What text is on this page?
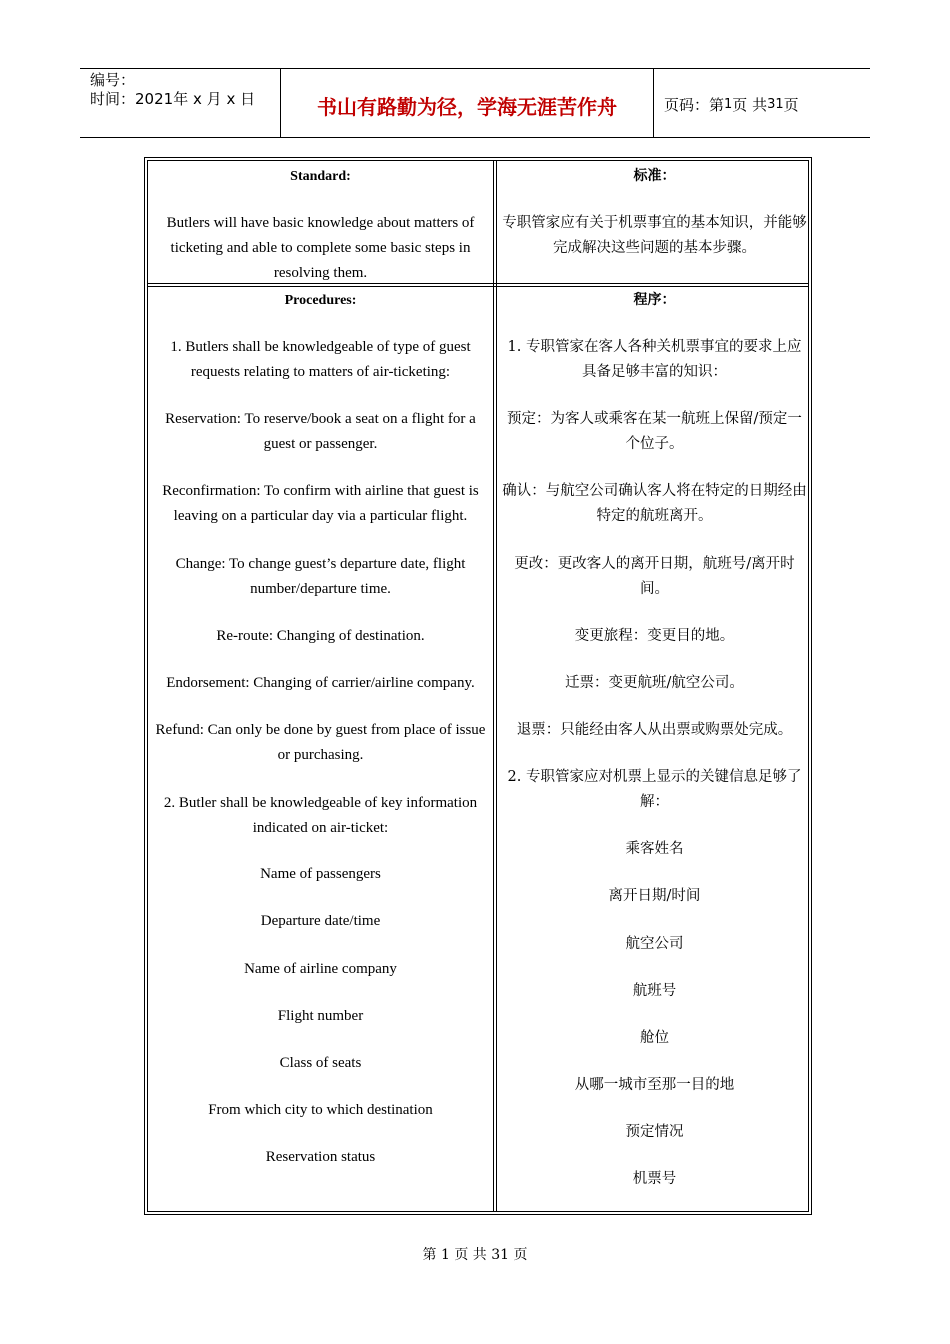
编号：
时间：2021年 x 月 x 日	书山有路勤为径，学海无涯苦作舟	页码：第 1 页 共 31 页
Standard:
Butlers will have basic knowledge about matters of ticketing and able to complete some basic steps in resolving them.
标准：
专职管家应有关于机票事宜的基本知识，并能够完成解决这些问题的基本步骤。
Procedures:
1. Butlers shall be knowledgeable of type of guest requests relating to matters of air-ticketing:
Reservation: To reserve/book a seat on a flight for a guest or passenger.
Reconfirmation: To confirm with airline that guest is leaving on a particular day via a particular flight.
Change: To change guest’s departure date, flight number/departure time.
Re-route: Changing of destination.
Endorsement: Changing of carrier/airline company.
Refund: Can only be done by guest from place of issue or purchasing.
2. Butler shall be knowledgeable of key information indicated on air-ticket:
Name of passengers
Departure date/time
Name of airline company
Flight number
Class of seats
From which city to which destination
Reservation status
程序：
1. 专职管家在客人各种关机票事宜的要求上应具备足够丰富的知识：
预定：为客人或乘客在某一航班上保留/预定一个位子。
确认：与航空公司确认客人将在特定的日期经由特定的航班离开。
更改：更改客人的离开日期，航班号/离开时间。
变更旅程：变更目的地。
迁票：变更航班/航空公司。
退票：只能经由客人从出票或购票处完成。
2. 专职管家应对机票上显示的关键信息足够了解：
乘客姓名
离开日期/时间
航空公司
航班号
舱位
从哪一城市至那一目的地
预定情况
机票号
第 1 页 共 31 页
